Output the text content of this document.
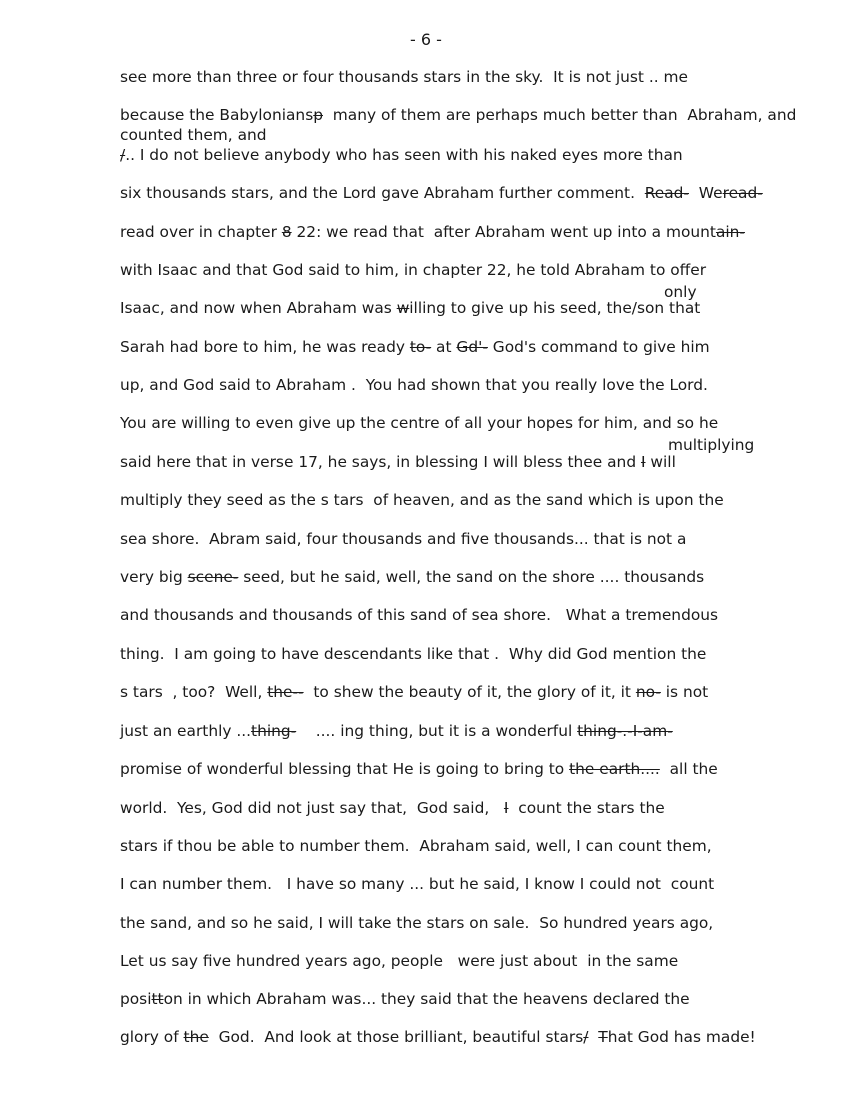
- 6 -
see more than three or four thousands stars in the sky.  It is not just .. me
because the Babyloniansp  many of them are perhaps much better than  Abraham, and
counted them, and
/.. I do not believe anybody who has seen with his naked eyes more than
six thousands stars, and the Lord gave Abraham further comment.  Read-  Weread-
read over in chapter 8 22: we read that  after Abraham went up into a mountain-
with Isaac and that God said to him, in chapter 22, he told Abraham to offer
Isaac, and now when Abraham was willing to give up his seed, the/son that
Sarah had bore to him, he was ready to- at Gd'- God's command to give him
up, and God said to Abraham .  You had shown that you really love the Lord.
You are willing to even give up the centre of all your hopes for him, and so he
said here that in verse 17, he says, in blessing I will bless thee and I will
multiply they seed as the s tars  of heaven, and as the sand which is upon the
sea shore.  Abram said, four thousands and five thousands... that is not a
very big scene- seed, but he said, well, the sand on the shore .... thousands
and thousands and thousands of this sand of sea shore.   What a tremendous
thing.  I am going to have descendants like that .  Why did God mention the
s tars  , too?  Well, the--  to shew the beauty of it, the glory of it, it no- is not
just an earthly ...thing-    .... ing thing, but it is a wonderful thing-.-I-am-
promise of wonderful blessing that He is going to bring to the earth....  all the
world.  Yes, God did not just say that,  God said,   I  count the stars the
stars if thou be able to number them.  Abraham said, well, I can count them,
I can number them.   I have so many ... but he said, I know I could not  count
the sand, and so he said, I will take the stars on sale.  So hundred years ago,
Let us say five hundred years ago, people   were just about  in the same
positton in which Abraham was... they said that the heavens declared the
glory of the  God.  And look at those brilliant, beautiful stars/ That God has made!
only
multiplying
